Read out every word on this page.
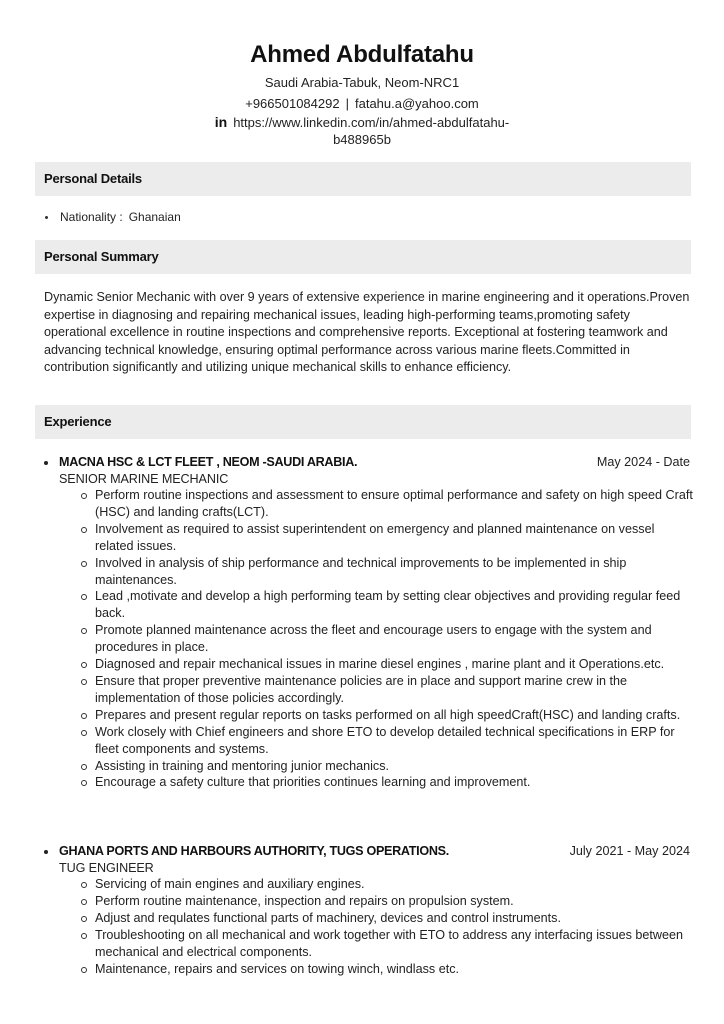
Ahmed Abdulfatahu
Saudi Arabia-Tabuk, Neom-NRC1
+966501084292 | fatahu.a@yahoo.com
in https://www.linkedin.com/in/ahmed-abdulfatahu-
b488965b
Personal Details
Nationality : Ghanaian
Personal Summary

Dynamic Senior Mechanic with over 9 years of extensive experience in marine engineering and it operations.Proven expertise in diagnosing and repairing mechanical issues, leading high-performing teams,promoting safety operational excellence in routine inspections and comprehensive reports. Exceptional at fostering teamwork and advancing technical knowledge, ensuring optimal performance across various marine fleets.Committed in contribution significantly and utilizing unique mechanical skills to enhance efficiency.

Experience
MACNA HSC & LCT FLEET , NEOM -SAUDI ARABIA.	May 2024 - Date
SENIOR MARINE MECHANIC
Perform routine inspections and assessment to ensure optimal performance and safety on high speed Craft (HSC) and landing crafts(LCT).
Involvement as required to assist superintendent on emergency and planned maintenance on vessel related issues.
Involved in analysis of ship performance and technical improvements to be implemented in ship maintenances.
Lead ,motivate and develop a high performing team by setting clear objectives and providing regular feed back.
Promote planned maintenance across the fleet and encourage users to engage with the system and procedures in place.
Diagnosed and repair mechanical issues in marine diesel engines , marine plant and it Operations.etc.
Ensure that proper preventive maintenance policies are in place and support marine crew in the implementation of those policies accordingly.
Prepares and present regular reports on tasks performed on all high speedCraft(HSC) and landing crafts.
Work closely with Chief engineers and shore ETO to develop detailed technical specifications in ERP for fleet components and systems.
Assisting in training and mentoring junior mechanics.
Encourage a safety culture that priorities continues learning and improvement.
GHANA PORTS AND HARBOURS AUTHORITY, TUGS OPERATIONS.	July 2021 - May 2024
TUG ENGINEER
Servicing of main engines and auxiliary engines.
Perform routine maintenance, inspection and repairs on propulsion system.
Adjust and requlates functional parts of machinery, devices and control instruments.
Troubleshooting on all mechanical and work together with ETO to address any interfacing issues between mechanical and electrical components.
Maintenance, repairs and services on towing winch, windlass etc.
